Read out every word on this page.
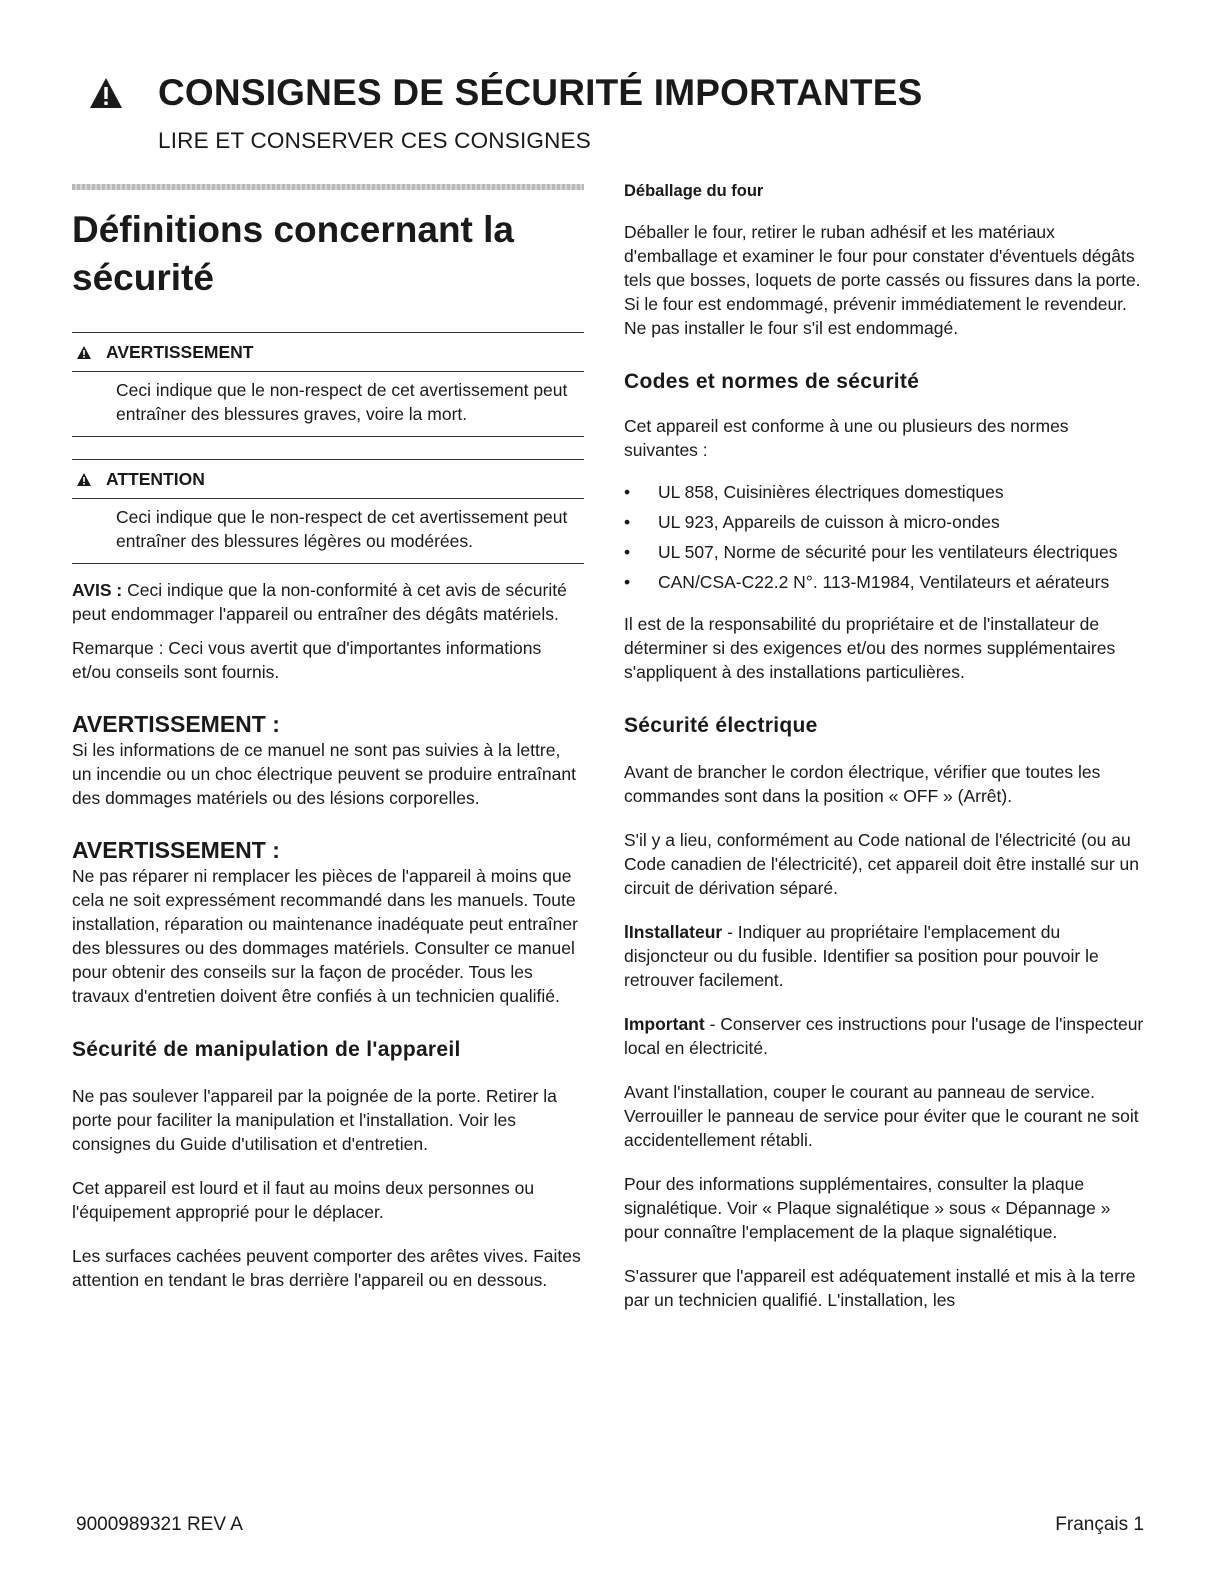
CONSIGNES DE SÉCURITÉ IMPORTANTES
LIRE ET CONSERVER CES CONSIGNES
Définitions concernant la
sécurité
AVERTISSEMENT
Ceci indique que le non-respect de cet avertissement peut entraîner des blessures graves, voire la mort.
ATTENTION
Ceci indique que le non-respect de cet avertissement peut entraîner des blessures légères ou modérées.

AVIS : Ceci indique que la non-conformité à cet avis de sécurité peut endommager l'appareil ou entraîner des dégâts matériels.

Remarque : Ceci vous avertit que d'importantes informations et/ou conseils sont fournis.

AVERTISSEMENT :

Si les informations de ce manuel ne sont pas suivies à la lettre, un incendie ou un choc électrique peuvent se produire entraînant des dommages matériels ou des lésions corporelles.

AVERTISSEMENT :

Ne pas réparer ni remplacer les pièces de l'appareil à moins que cela ne soit expressément recommandé dans les manuels. Toute installation, réparation ou maintenance inadéquate peut entraîner des blessures ou des dommages matériels. Consulter ce manuel pour obtenir des conseils sur la façon de procéder. Tous les travaux d'entretien doivent être confiés à un technicien qualifié.

Sécurité de manipulation de l'appareil

Ne pas soulever l'appareil par la poignée de la porte. Retirer la porte pour faciliter la manipulation et l'installation. Voir les consignes du Guide d'utilisation et d'entretien.

Cet appareil est lourd et il faut au moins deux personnes ou l'équipement approprié pour le déplacer.

Les surfaces cachées peuvent comporter des arêtes vives. Faites attention en tendant le bras derrière l'appareil ou en dessous.

Déballage du four

Déballer le four, retirer le ruban adhésif et les matériaux d'emballage et examiner le four pour constater d'éventuels dégâts tels que bosses, loquets de porte cassés ou fissures dans la porte. Si le four est endommagé, prévenir immédiatement le revendeur. Ne pas installer le four s'il est endommagé.

Codes et normes de sécurité

Cet appareil est conforme à une ou plusieurs des normes suivantes :

• UL 858, Cuisinières électriques domestiques
• UL 923, Appareils de cuisson à micro-ondes
• UL 507, Norme de sécurité pour les ventilateurs électriques
• CAN/CSA-C22.2 N°. 113-M1984, Ventilateurs et aérateurs

Il est de la responsabilité du propriétaire et de l'installateur de déterminer si des exigences et/ou des normes supplémentaires s'appliquent à des installations particulières.

Sécurité électrique

Avant de brancher le cordon électrique, vérifier que toutes les commandes sont dans la position « OFF » (Arrêt).

S'il y a lieu, conformément au Code national de l'électricité (ou au Code canadien de l'électricité), cet appareil doit être installé sur un circuit de dérivation séparé.

lInstallateur - Indiquer au propriétaire l'emplacement du disjoncteur ou du fusible. Identifier sa position pour pouvoir le retrouver facilement.

Important - Conserver ces instructions pour l'usage de l'inspecteur local en électricité.

Avant l'installation, couper le courant au panneau de service. Verrouiller le panneau de service pour éviter que le courant ne soit accidentellement rétabli.

Pour des informations supplémentaires, consulter la plaque signalétique. Voir « Plaque signalétique » sous « Dépannage » pour connaître l'emplacement de la plaque signalétique.

S'assurer que l'appareil est adéquatement installé et mis à la terre par un technicien qualifié. L'installation, les

9000989321 REV A	Français 1
